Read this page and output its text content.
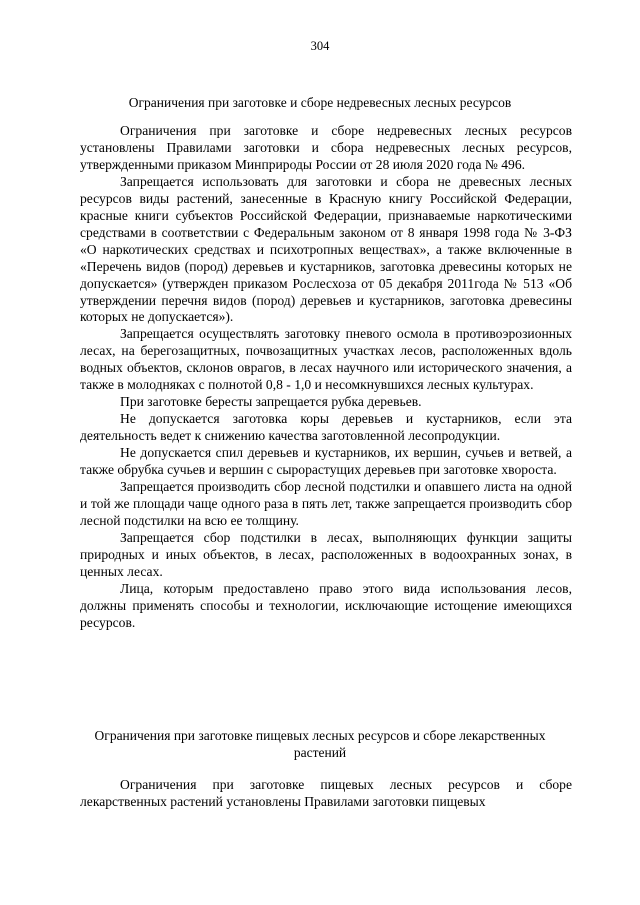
304
Ограничения при заготовке и сборе недревесных лесных ресурсов

Ограничения при заготовке и сборе недревесных лесных ресурсов установлены Правилами заготовки и сбора недревесных лесных ресурсов, утвержденными приказом Минприроды России от 28 июля 2020 года № 496.

Запрещается использовать для заготовки и сбора не древесных лесных ресурсов виды растений, занесенные в Красную книгу Российской Федерации, красные книги субъектов Российской Федерации, признаваемые наркотическими средствами в соответствии с Федеральным законом от 8 января 1998 года № 3-ФЗ «О наркотических средствах и психотропных веществах», а также включенные в «Перечень видов (пород) деревьев и кустарников, заготовка древесины которых не допускается» (утвержден приказом Рослесхоза от 05 декабря 2011года № 513 «Об утверждении перечня видов (пород) деревьев и кустарников, заготовка древесины которых не допускается»).

Запрещается осуществлять заготовку пневого осмола в противоэрозионных лесах, на берегозащитных, почвозащитных участках лесов, расположенных вдоль водных объектов, склонов оврагов, в лесах научного или исторического значения, а также в молодняках с полнотой 0,8 - 1,0 и несомкнувшихся лесных культурах.

При заготовке бересты запрещается рубка деревьев.

Не допускается заготовка коры деревьев и кустарников, если эта деятельность ведет к снижению качества заготовленной лесопродукции.

Не допускается спил деревьев и кустарников, их вершин, сучьев и ветвей, а также обрубка сучьев и вершин с сырорастущих деревьев при заготовке хвороста.

Запрещается производить сбор лесной подстилки и опавшего листа на одной и той же площади чаще одного раза в пять лет, также запрещается производить сбор лесной подстилки на всю ее толщину.

Запрещается сбор подстилки в лесах, выполняющих функции защиты природных и иных объектов, в лесах, расположенных в водоохранных зонах, в ценных лесах.

Лица, которым предоставлено право этого вида использования лесов, должны применять способы и технологии, исключающие истощение имеющихся ресурсов.

Ограничения при заготовке пищевых лесных ресурсов и сборе лекарственных растений

Ограничения при заготовке пищевых лесных ресурсов и сборе лекарственных растений установлены Правилами заготовки пищевых
